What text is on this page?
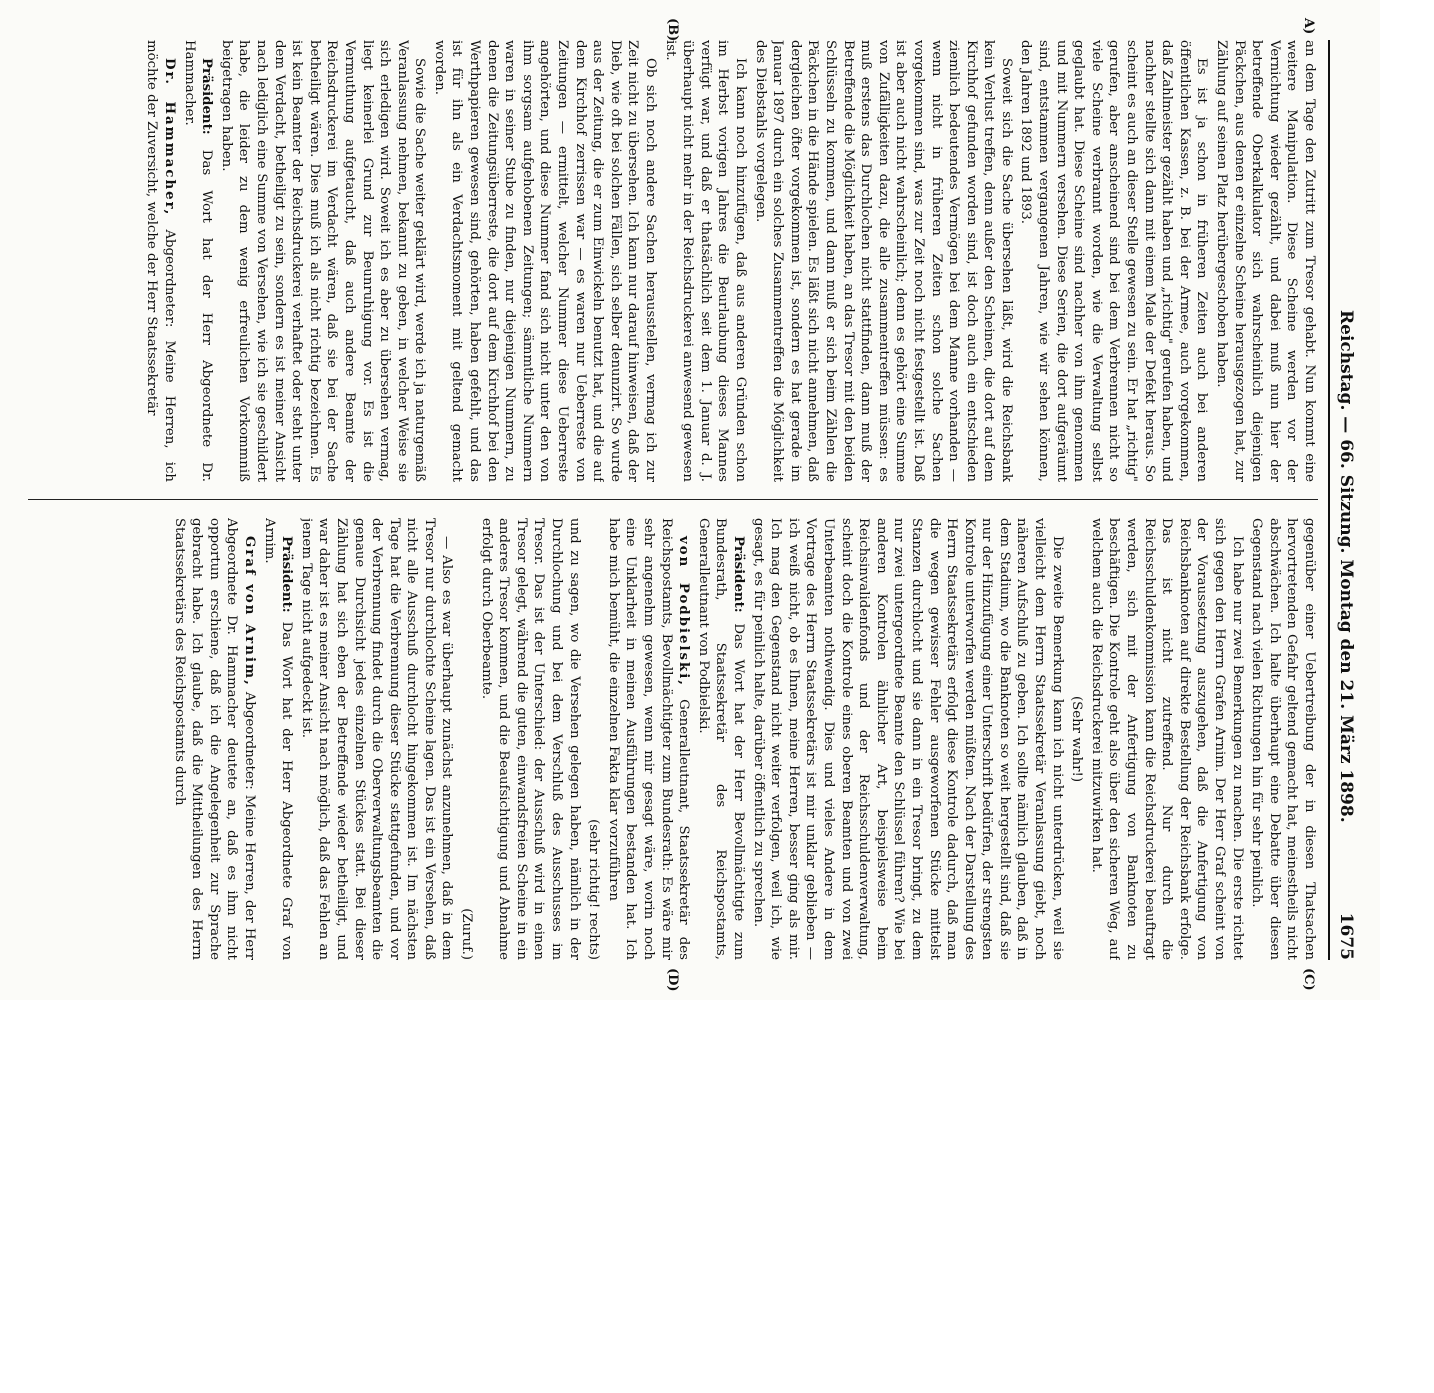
Reichstag. — 66. Sitzung. Montag den 21. März 1898.
1675
A)
(B)
(C)
(D)

an dem Tage den Zutritt zum Tresor gehabt. Nun kommt eine weitere Manipulation. Diese Scheine werden vor der Vernichtung wieder gezählt, und dabei muß nun hier der betreffende Oberkalkulator sich wahrscheinlich diejenigen Päckchen, aus denen er einzelne Scheine herausgezogen hat, zur Zählung auf seinen Platz herübergeschoben haben.

Es ist ja schon in früheren Zeiten auch bei anderen öffentlichen Kassen, z. B. bei der Armee, auch vorgekommen, daß Zahlmeister gezählt haben und „richtig" gerufen haben, und nachher stellte sich dann mit einem Male der Defekt heraus. So scheint es auch an dieser Stelle gewesen zu sein. Er hat „richtig" gerufen, aber anscheinend sind bei dem Verbrennen nicht so viele Scheine verbrannt worden, wie die Verwaltung selbst geglaubt hat. Diese Scheine sind nachher von ihm genommen und mit Nummern versehen. Diese Serien, die dort aufgeräumt sind, entstammen vergangenen Jahren, wie wir sehen können, den Jahren 1892 und 1893.

Soweit sich die Sache übersehen läßt, wird die Reichsbank kein Verlust treffen, denn außer den Scheinen, die dort auf dem Kirchhof gefunden worden sind, ist doch auch ein entschieden ziemlich bedeutendes Vermögen bei dem Manne vorhanden — wenn nicht in früheren Zeiten schon solche Sachen vorgekommen sind, was zur Zeit noch nicht festgestellt ist. Daß ist aber auch nicht wahrscheinlich; denn es gehört eine Summe von Zufälligkeiten dazu, die alle zusammentreffen müssen: es muß erstens das Durchlochen nicht stattfinden, dann muß der Betreffende die Möglichkeit haben, an das Tresor mit den beiden Schlüsseln zu kommen, und dann muß er sich beim Zählen die Päckchen in die Hände spielen. Es läßt sich nicht annehmen, daß dergleichen öfter vorgekommen ist, sondern es hat gerade im Januar 1897 durch ein solches Zusammentreffen die Möglichkeit des Diebstahls vorgelegen.

Ich kann noch hinzufügen, daß aus anderen Gründen schon im Herbst vorigen Jahres die Beurlaubung dieses Mannes verfügt war, und daß er thatsächlich seit dem 1. Januar d. J. überhaupt nicht mehr in der Reichsdruckerei anwesend gewesen ist.

Ob sich noch andere Sachen herausstellen, vermag ich zur Zeit nicht zu übersehen. Ich kann nur darauf hinweisen, daß der Dieb, wie oft bei solchen Fällen, sich selber denunzirt. So wurde aus der Zeitung, die er zum Einwickeln benutzt hat, und die auf dem Kirchhof zerrissen war — es waren nur Ueberreste von Zeitungen — ermittelt, welcher Nummer diese Ueberreste angehörten, und diese Nummer fand sich nicht unter den von ihm sorgsam aufgehobenen Zeitungen; sämmtliche Nummern waren in seiner Stube zu finden, nur diejenigen Nummern, zu denen die Zeitungsüberreste, die dort auf dem Kirchhof bei den Werthpapieren gewesen sind, gehörten, haben gefehlt, und das ist für ihn als ein Verdachtsmoment mit geltend gemacht worden.

Sowie die Sache weiter geklärt wird, werde ich ja naturgemäß Veranlassung nehmen, bekannt zu geben, in welcher Weise sie sich erledigen wird. Soweit ich es aber zu übersehen vermag, liegt keinerlei Grund zur Beunruhigung vor. Es ist die Vermuthung aufgetaucht, daß auch andere Beamte der Reichsdruckerei im Verdacht wären, daß sie bei der Sache betheiligt wären. Dies muß ich als nicht richtig bezeichnen. Es ist kein Beamter der Reichsdruckerei verhaftet oder steht unter dem Verdacht, betheiligt zu sein, sondern es ist meiner Ansicht nach lediglich eine Summe von Versehen, wie ich sie geschildert habe, die leider zu dem wenig erfreulichen Vorkommniß beigetragen haben.

Präsident: Das Wort hat der Herr Abgeordnete Dr. Hammacher.

Dr. Hammacher, Abgeordneter: Meine Herren, ich möchte der Zuversicht, welche der Herr Staatssekretär

gegenüber einer Uebertreibung der in diesen Thatsachen hervortretenden Gefahr geltend gemacht hat, meinestheils nicht abschwächen. Ich halte überhaupt eine Debatte über diesen Gegenstand nach vielen Richtungen hin für sehr peinlich.

Ich habe nur zwei Bemerkungen zu machen. Die erste richtet sich gegen den Herrn Grafen Arnim. Der Herr Graf scheint von der Voraussetzung auszugehen, daß die Anfertigung von Reichsbanknoten auf direkte Bestellung der Reichsbank erfolge. Das ist nicht zutreffend. Nur durch die Reichsschuldenkommission kann die Reichsdruckerei beauftragt werden, sich mit der Anfertigung von Banknoten zu beschäftigen. Die Kontrole geht also über den sicheren Weg, auf welchem auch die Reichsdruckerei mitzuwirken hat.

(Sehr wahr!)

Die zweite Bemerkung kann ich nicht unterdrücken, weil sie vielleicht dem Herrn Staatssekretär Veranlassung giebt, noch näheren Aufschluß zu geben. Ich sollte nämlich glauben, daß in dem Stadium, wo die Banknoten so weit hergestellt sind, daß sie nur der Hinzufügung einer Unterschrift bedürfen, der strengsten Kontrole unterworfen werden müßten. Nach der Darstellung des Herrn Staatssekretärs erfolgt diese Kontrole dadurch, daß man die wegen gewisser Fehler ausgeworfenen Stücke mittelst Stanzen durchlocht und sie dann in ein Tresor bringt, zu dem nur zwei untergeordnete Beamte den Schlüssel führen? Wie bei anderen Kontrolen ähnlicher Art, beispielsweise beim Reichsinvalidenfonds und der Reichsschuldenverwaltung, scheint doch die Kontrole eines oberen Beamten und von zwei Unterbeamten nothwendig. Dies und vieles Andere in dem Vortrage des Herrn Staatssekretärs ist mir unklar geblieben — ich weiß nicht, ob es Ihnen, meine Herren, besser ging als mir. Ich mag den Gegenstand nicht weiter verfolgen, weil ich, wie gesagt, es für peinlich halte, darüber öffentlich zu sprechen.

Präsident: Das Wort hat der Herr Bevollmächtigte zum Bundesrath, Staatssekretär des Reichspostamts, Generalleutnant von Podbielski.

von Podbielski, Generalleutnant, Staatssekretär des Reichspostamts, Bevollmächtigter zum Bundesrath: Es wäre mir sehr angenehm gewesen, wenn mir gesagt wäre, worin noch eine Unklarheit in meinen Ausführungen bestanden hat. Ich habe mich bemüht, die einzelnen Fakta klar vorzuführen

(sehr richtig! rechts)

und zu sagen, wo die Versehen gelegen haben, nämlich in der Durchlochung und bei dem Verschluß des Ausschusses im Tresor. Das ist der Unterschied: der Ausschuß wird in einen Tresor gelegt, während die guten, einwandsfreien Scheine in ein anderes Tresor kommen, und die Beaufsichtigung und Abnahme erfolgt durch Oberbeamte.

(Zuruf.)

— Also es war überhaupt zunächst anzunehmen, daß in dem Tresor nur durchlochte Scheine lagen. Das ist ein Versehen, daß nicht alle Ausschuß durchlocht hingekommen ist. Im nächsten Tage hat die Verbrennung dieser Stücke stattgefunden, und vor der Verbrennung findet durch die Oberverwaltungsbeamten die genaue Durchsicht jedes einzelnen Stückes statt. Bei dieser Zählung hat sich eben der Betreffende wieder betheiligt, und war daher ist es meiner Ansicht nach möglich, daß das Fehlen an jenem Tage nicht aufgedeckt ist.

Präsident: Das Wort hat der Herr Abgeordnete Graf von Arnim.

Graf von Arnim, Abgeordneter: Meine Herren, der Herr Abgeordnete Dr. Hammacher deutete an, daß es ihm nicht opportun erschiene, daß ich die Angelegenheit zur Sprache gebracht habe. Ich glaube, daß die Mittheilungen des Herrn Staatssekretärs des Reichspostamts durch
